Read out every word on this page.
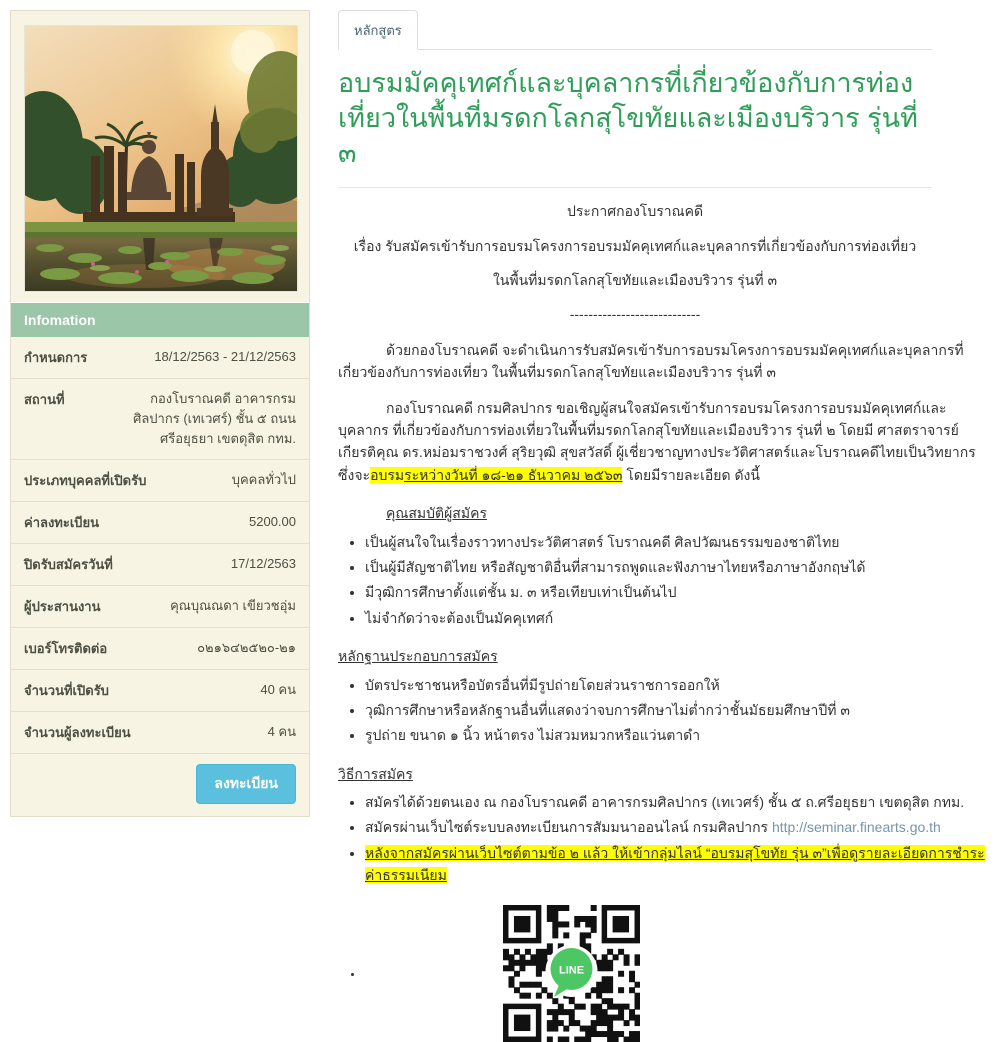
Infomation
กำหนดการ	18/12/2563 - 21/12/2563
สถานที่	กองโบราณคดี อาคารกรมศิลปากร (เทเวศร์) ชั้น ๕ ถนนศรีอยุธยา เขตดุสิต กทม.
ประเภทบุคคลที่เปิดรับ	บุคคลทั่วไป
ค่าลงทะเบียน	5200.00
ปิดรับสมัครวันที่	17/12/2563
ผู้ประสานงาน	คุณบุณณดา เขียวชอุ่ม
เบอร์โทรติดต่อ	๐๒๑๖๔๒๕๒๐-๒๑
จำนวนที่เปิดรับ	40 คน
จำนวนผู้ลงทะเบียน	4 คน
ลงทะเบียน
หลักสูตร
อบรมมัคคุเทศก์และบุคลากรที่เกี่ยวข้องกับการท่องเที่ยวในพื้นที่มรดกโลกสุโขทัยและเมืองบริวาร รุ่นที่ ๓

ประกาศกองโบราณคดี

เรื่อง รับสมัครเข้ารับการอบรมโครงการอบรมมัคคุเทศก์และบุคลากรที่เกี่ยวข้องกับการท่องเที่ยว

ในพื้นที่มรดกโลกสุโขทัยและเมืองบริวาร รุ่นที่ ๓

----------------------------

ด้วยกองโบราณคดี จะดำเนินการรับสมัครเข้ารับการอบรมโครงการอบรมมัคคุเทศก์และบุคลากรที่เกี่ยวข้องกับการท่องเที่ยว ในพื้นที่มรดกโลกสุโขทัยและเมืองบริวาร รุ่นที่ ๓

กองโบราณคดี กรมศิลปากร ขอเชิญผู้สนใจสมัครเข้ารับการอบรมโครงการอบรมมัคคุเทศก์และบุคลากร ที่เกี่ยวข้องกับการท่องเที่ยวในพื้นที่มรดกโลกสุโขทัยและเมืองบริวาร รุ่นที่ ๒ โดยมี ศาสตราจารย์เกียรติคุณ ดร.หม่อมราชวงศ์ สุริยวุฒิ สุขสวัสดิ์ ผู้เชี่ยวชาญทางประวัติศาสตร์และโบราณคดีไทยเป็นวิทยากร ซึ่งจะอบรมระหว่างวันที่ ๑๘-๒๑ ธันวาคม ๒๕๖๓ โดยมีรายละเอียด ดังนี้

คุณสมบัติผู้สมัคร
• เป็นผู้สนใจในเรื่องราวทางประวัติศาสตร์ โบราณคดี ศิลปวัฒนธรรมของชาติไทย
• เป็นผู้มีสัญชาติไทย หรือสัญชาติอื่นที่สามารถพูดและฟังภาษาไทยหรือภาษาอังกฤษได้
• มีวุฒิการศึกษาตั้งแต่ชั้น ม. ๓ หรือเทียบเท่าเป็นต้นไป
• ไม่จำกัดว่าจะต้องเป็นมัคคุเทศก์
หลักฐานประกอบการสมัคร
• บัตรประชาชนหรือบัตรอื่นที่มีรูปถ่ายโดยส่วนราชการออกให้
• วุฒิการศึกษาหรือหลักฐานอื่นที่แสดงว่าจบการศึกษาไม่ต่ำกว่าชั้นมัธยมศึกษาปีที่ ๓
• รูปถ่าย ขนาด ๑ นิ้ว หน้าตรง ไม่สวมหมวกหรือแว่นตาดำ
วิธีการสมัคร
• สมัครได้ด้วยตนเอง ณ กองโบราณคดี อาคารกรมศิลปากร (เทเวศร์) ชั้น ๕ ถ.ศรีอยุธยา เขตดุสิต กทม.
• สมัครผ่านเว็บไซต์ระบบลงทะเบียนการสัมมนาออนไลน์ กรมศิลปากร http://seminar.finearts.go.th
• หลังจากสมัครผ่านเว็บไซต์ตามข้อ ๒ แล้ว ให้เข้ากลุ่มไลน์ “อบรมสุโขทัย รุ่น ๓”เพื่อดูรายละเอียดการชำระค่าธรรมเนียม
LINE
